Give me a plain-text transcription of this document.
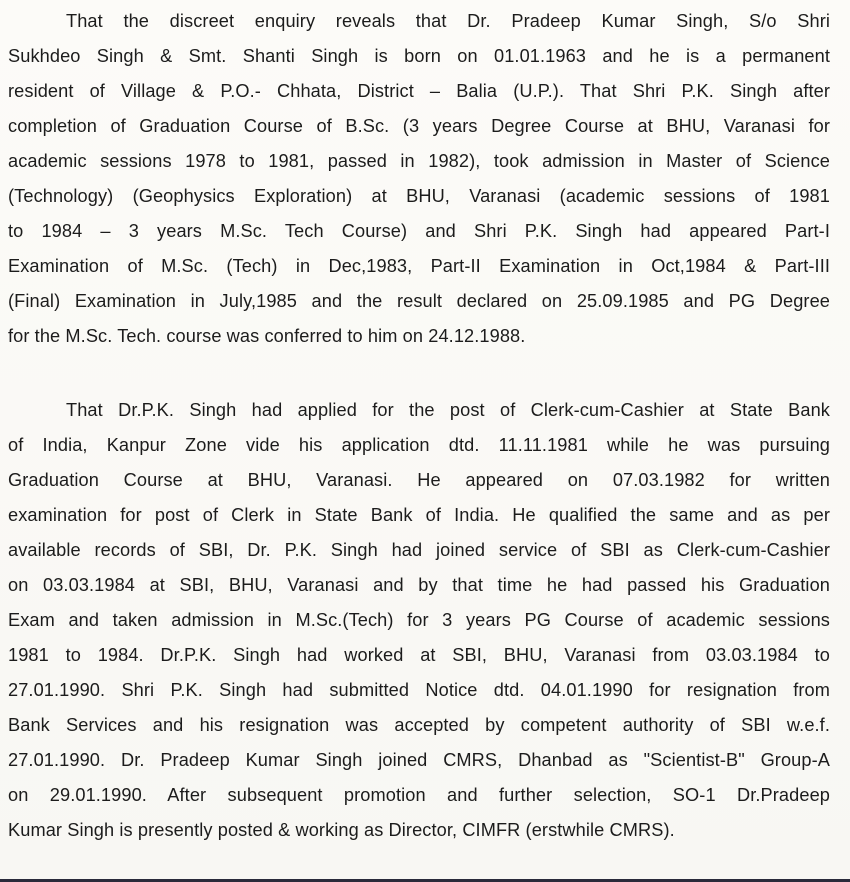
That the discreet enquiry reveals that Dr. Pradeep Kumar Singh, S/o Shri
Sukhdeo Singh & Smt. Shanti Singh is born on 01.01.1963 and he is a permanent
resident of Village & P.O.- Chhata, District – Balia (U.P.). That Shri P.K. Singh after
completion of Graduation Course of B.Sc. (3 years Degree Course at BHU, Varanasi for
academic sessions 1978 to 1981, passed in 1982), took admission in Master of Science
(Technology) (Geophysics Exploration) at BHU, Varanasi (academic sessions of 1981
to 1984 – 3 years M.Sc. Tech Course) and Shri P.K. Singh had appeared Part-I
Examination of M.Sc. (Tech) in Dec,1983, Part-II Examination in Oct,1984 & Part-III
(Final) Examination in July,1985 and the result declared on 25.09.1985 and PG Degree
for the M.Sc. Tech. course was conferred to him on 24.12.1988.
That Dr.P.K. Singh had applied for the post of Clerk-cum-Cashier at State Bank
of India, Kanpur Zone vide his application dtd. 11.11.1981 while he was pursuing
Graduation Course at BHU, Varanasi. He appeared on 07.03.1982 for written
examination for post of Clerk in State Bank of India. He qualified the same and as per
available records of SBI, Dr. P.K. Singh had joined service of SBI as Clerk-cum-Cashier
on 03.03.1984 at SBI, BHU, Varanasi and by that time he had passed his Graduation
Exam and taken admission in M.Sc.(Tech) for 3 years PG Course of academic sessions
1981 to 1984. Dr.P.K. Singh had worked at SBI, BHU, Varanasi from 03.03.1984 to
27.01.1990. Shri P.K. Singh had submitted Notice dtd. 04.01.1990 for resignation from
Bank Services and his resignation was accepted by competent authority of SBI w.e.f.
27.01.1990. Dr. Pradeep Kumar Singh joined CMRS, Dhanbad as "Scientist-B" Group-A
on 29.01.1990. After subsequent promotion and further selection, SO-1 Dr.Pradeep
Kumar Singh is presently posted & working as Director, CIMFR (erstwhile CMRS).
